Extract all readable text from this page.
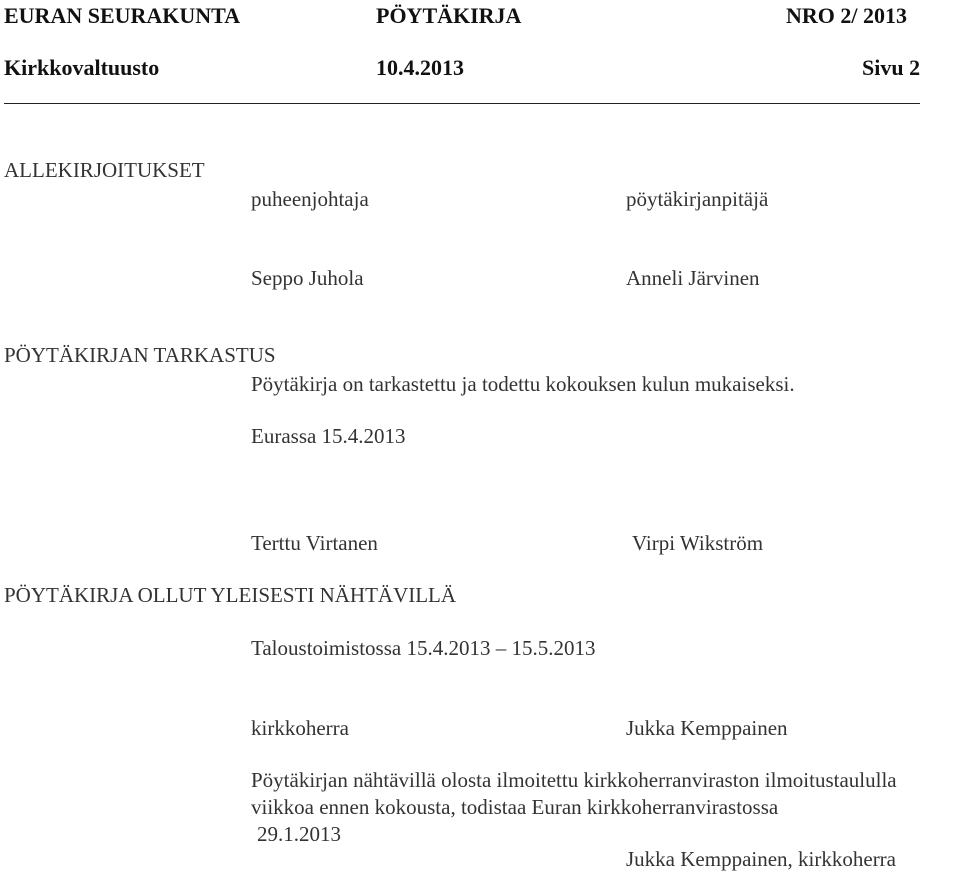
EURAN SEURAKUNTA	PÖYTÄKIRJA	NRO 2/ 2013
Kirkkovaltuusto	10.4.2013	Sivu 2
ALLEKIRJOITUKSET
puheenjohtaja	pöytäkirjanpitäjä
Seppo Juhola	Anneli Järvinen
PÖYTÄKIRJAN TARKASTUS
Pöytäkirja on tarkastettu ja todettu kokouksen kulun mukaiseksi.
Eurassa 15.4.2013
Terttu Virtanen	Virpi Wikström
PÖYTÄKIRJA OLLUT YLEISESTI NÄHTÄVILLÄ
Taloustoimistossa 15.4.2013 – 15.5.2013
kirkkoherra	Jukka Kemppainen
Pöytäkirjan nähtävillä olosta ilmoitettu kirkkoherranviraston ilmoitustaululla
viikkoa ennen kokousta, todistaa Euran kirkkoherranvirastossa
29.1.2013
Jukka Kemppainen, kirkkoherra
